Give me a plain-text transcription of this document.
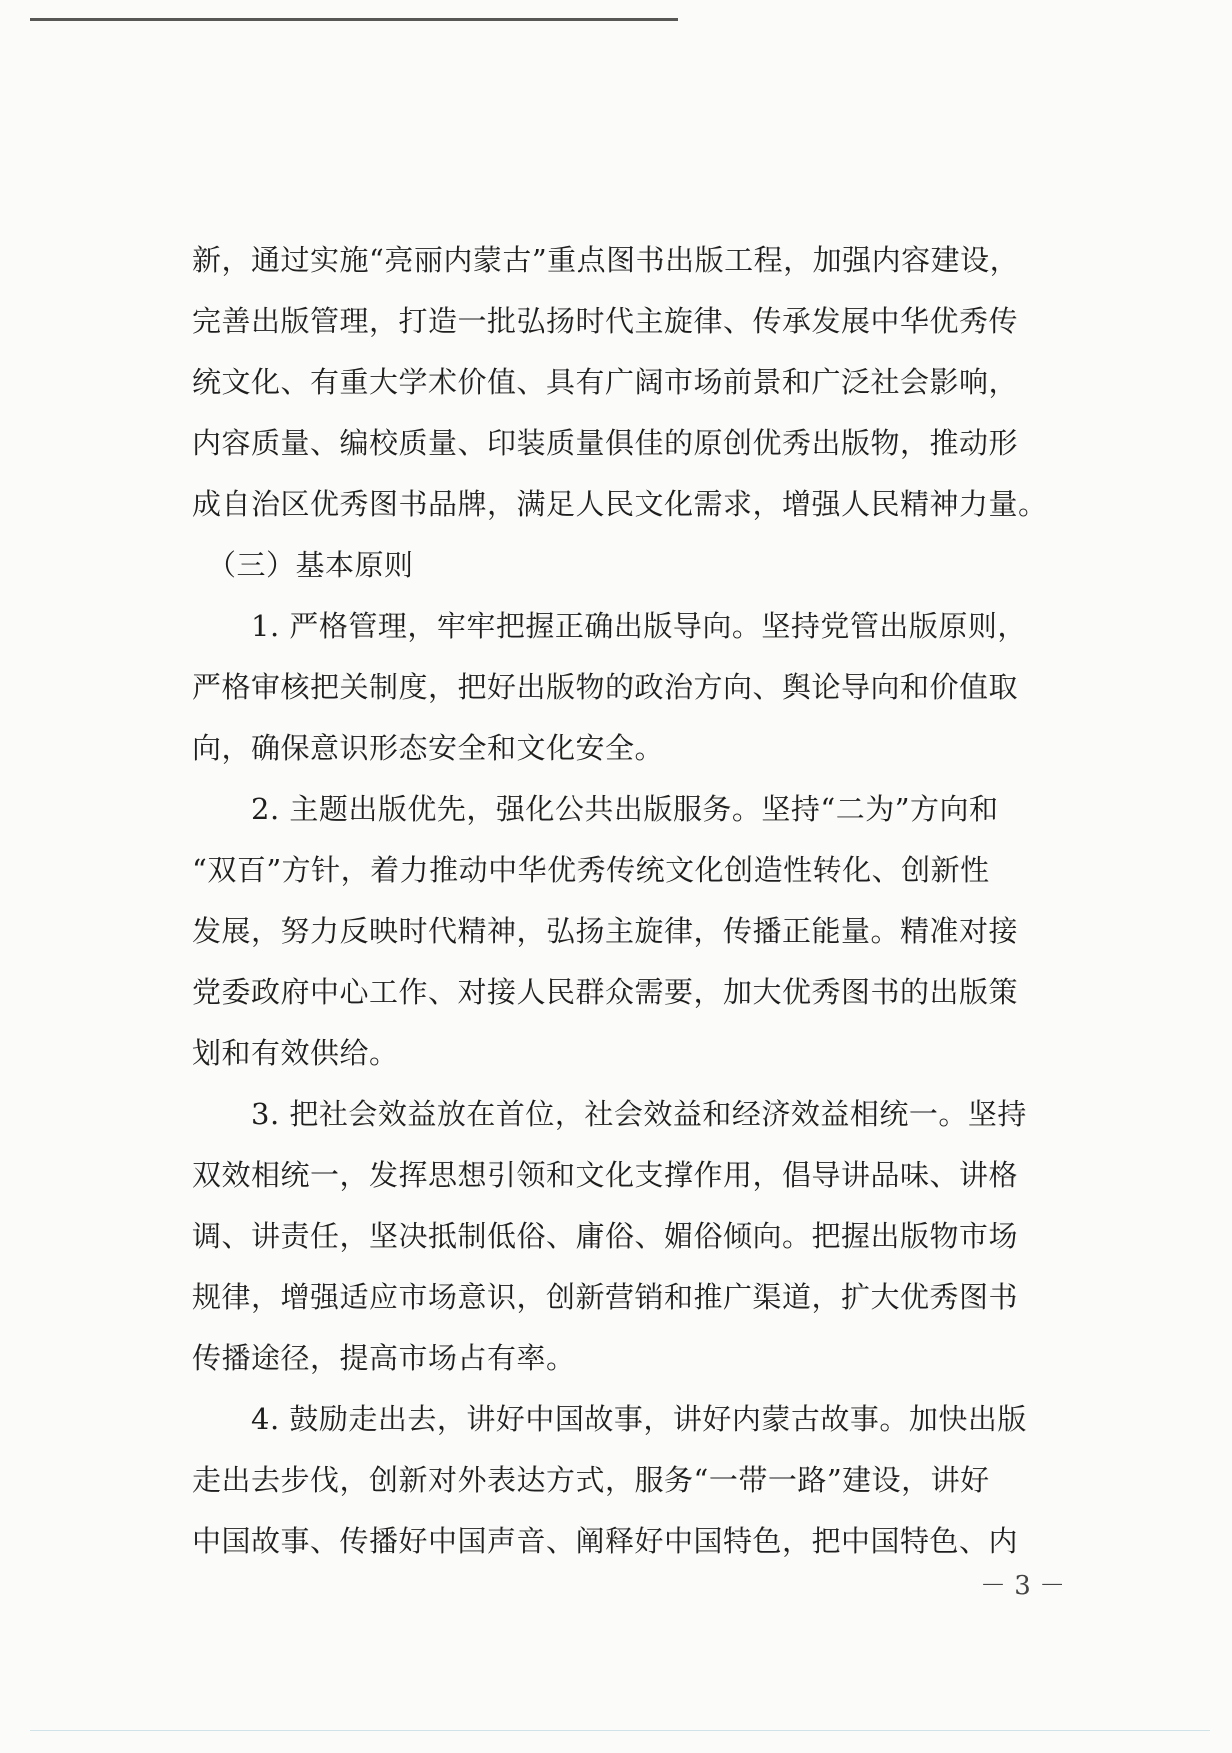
新，通过实施“亮丽内蒙古”重点图书出版工程，加强内容建设，
完善出版管理，打造一批弘扬时代主旋律、传承发展中华优秀传
统文化、有重大学术价值、具有广阔市场前景和广泛社会影响，
内容质量、编校质量、印装质量俱佳的原创优秀出版物，推动形
成自治区优秀图书品牌，满足人民文化需求，增强人民精神力量。
　（三）基本原则
　　1. 严格管理，牢牢把握正确出版导向。坚持党管出版原则，
严格审核把关制度，把好出版物的政治方向、舆论导向和价值取
向，确保意识形态安全和文化安全。
　　2. 主题出版优先，强化公共出版服务。坚持“二为”方向和
“双百”方针，着力推动中华优秀传统文化创造性转化、创新性
发展，努力反映时代精神，弘扬主旋律，传播正能量。精准对接
党委政府中心工作、对接人民群众需要，加大优秀图书的出版策
划和有效供给。
　　3. 把社会效益放在首位，社会效益和经济效益相统一。坚持
双效相统一，发挥思想引领和文化支撑作用，倡导讲品味、讲格
调、讲责任，坚决抵制低俗、庸俗、媚俗倾向。把握出版物市场
规律，增强适应市场意识，创新营销和推广渠道，扩大优秀图书
传播途径，提高市场占有率。
　　4. 鼓励走出去，讲好中国故事，讲好内蒙古故事。加快出版
走出去步伐，创新对外表达方式，服务“一带一路”建设，讲好
中国故事、传播好中国声音、阐释好中国特色，把中国特色、内
－ 3 －
